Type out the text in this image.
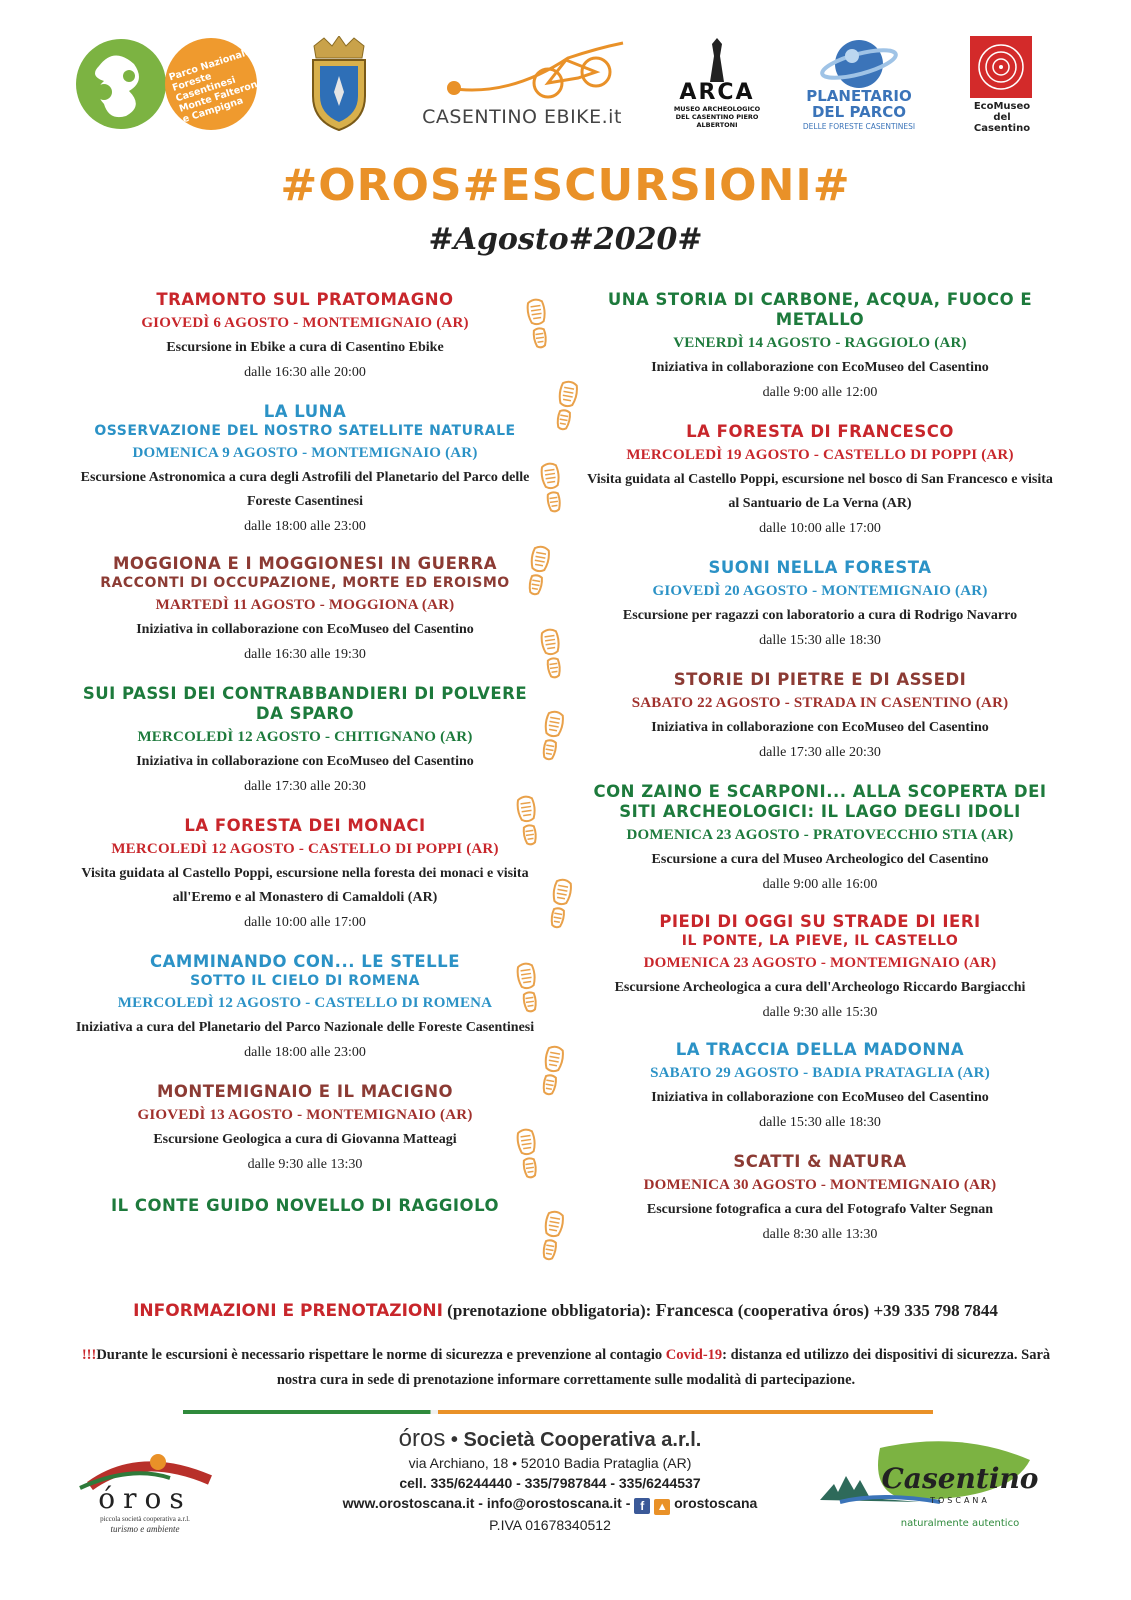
Parco Nazionale Foreste Casentinesi Monte Falterona e Campigna	CASENTINO EBIKE.it
ARCA
MUSEO ARCHEOLOGICO DEL CASENTINO PIERO ALBERTONI
PLANETARIO DEL PARCO
DELLE FORESTE CASENTINESI
EcoMuseo del Casentino
#OROS#ESCURSIONI#
#Agosto#2020#
TRAMONTO SUL PRATOMAGNO
GIOVEDÌ 6 AGOSTO - MONTEMIGNAIO (AR)
Escursione in Ebike a cura di Casentino Ebike
dalle 16:30 alle 20:00
LA LUNA
OSSERVAZIONE DEL NOSTRO SATELLITE NATURALE
DOMENICA 9 AGOSTO - MONTEMIGNAIO (AR)
Escursione Astronomica a cura degli Astrofili del Planetario del Parco delle Foreste Casentinesi
dalle 18:00 alle 23:00
MOGGIONA E I MOGGIONESI IN GUERRA
RACCONTI DI OCCUPAZIONE, MORTE ED EROISMO
MARTEDÌ 11 AGOSTO - MOGGIONA (AR)
Iniziativa in collaborazione con EcoMuseo del Casentino
dalle 16:30 alle 19:30
SUI PASSI DEI CONTRABBANDIERI DI POLVERE DA SPARO
MERCOLEDÌ 12 AGOSTO - CHITIGNANO (AR)
Iniziativa in collaborazione con EcoMuseo del Casentino
dalle 17:30 alle 20:30
LA FORESTA DEI MONACI
MERCOLEDÌ 12 AGOSTO - CASTELLO DI POPPI (AR)
Visita guidata al Castello Poppi, escursione nella foresta dei monaci e visita all'Eremo e al Monastero di Camaldoli (AR)
dalle 10:00 alle 17:00
CAMMINANDO CON... LE STELLE
SOTTO IL CIELO DI ROMENA
MERCOLEDÌ 12 AGOSTO - CASTELLO DI ROMENA
Iniziativa a cura del Planetario del Parco Nazionale delle Foreste Casentinesi
dalle 18:00 alle 23:00
MONTEMIGNAIO E IL MACIGNO
GIOVEDÌ 13 AGOSTO - MONTEMIGNAIO (AR)
Escursione Geologica a cura di Giovanna Matteagi
dalle 9:30 alle 13:30
IL CONTE GUIDO NOVELLO DI RAGGIOLO
UNA STORIA DI CARBONE, ACQUA, FUOCO E METALLO
VENERDÌ 14 AGOSTO - RAGGIOLO (AR)
Iniziativa in collaborazione con EcoMuseo del Casentino
dalle 9:00 alle 12:00
LA FORESTA DI FRANCESCO
MERCOLEDÌ 19 AGOSTO - CASTELLO DI POPPI (AR)
Visita guidata al Castello Poppi, escursione nel bosco di San Francesco e visita al Santuario de La Verna (AR)
dalle 10:00 alle 17:00
SUONI NELLA FORESTA
GIOVEDÌ 20 AGOSTO - MONTEMIGNAIO (AR)
Escursione per ragazzi con laboratorio a cura di Rodrigo Navarro
dalle 15:30 alle 18:30
STORIE DI PIETRE E DI ASSEDI
SABATO 22 AGOSTO - STRADA IN CASENTINO (AR)
Iniziativa in collaborazione con EcoMuseo del Casentino
dalle 17:30 alle 20:30
CON ZAINO E SCARPONI... ALLA SCOPERTA DEI SITI ARCHEOLOGICI: IL LAGO DEGLI IDOLI
DOMENICA 23 AGOSTO - PRATOVECCHIO STIA (AR)
Escursione a cura del Museo Archeologico del Casentino
dalle 9:00 alle 16:00
PIEDI DI OGGI SU STRADE DI IERI
IL PONTE, LA PIEVE, IL CASTELLO
DOMENICA 23 AGOSTO - MONTEMIGNAIO (AR)
Escursione Archeologica a cura dell'Archeologo Riccardo Bargiacchi
dalle 9:30 alle 15:30
LA TRACCIA DELLA MADONNA
SABATO 29 AGOSTO - BADIA PRATAGLIA (AR)
Iniziativa in collaborazione con EcoMuseo del Casentino
dalle 15:30 alle 18:30
SCATTI & NATURA
DOMENICA 30 AGOSTO - MONTEMIGNAIO (AR)
Escursione fotografica a cura del Fotografo Valter Segnan
dalle 8:30 alle 13:30
INFORMAZIONI E PRENOTAZIONI (prenotazione obbligatoria): Francesca (cooperativa óros) +39 335 798 7844
!!!Durante le escursioni è necessario rispettare le norme di sicurezza e prevenzione al contagio Covid-19: distanza ed utilizzo dei dispositivi di sicurezza. Sarà nostra cura in sede di prenotazione informare correttamente sulle modalità di partecipazione.
óros
piccola società cooperativa a.r.l.
turismo e ambiente
óros • Società Cooperativa a.r.l.
via Archiano, 18 • 52010 Badia Prataglia (AR)
cell. 335/6244440 - 335/7987844 - 335/6244537
www.orostoscana.it - info@orostoscana.it - f ▲ orostoscana
P.IVA 01678340512
Casentino
TOSCANA
naturalmente autentico
